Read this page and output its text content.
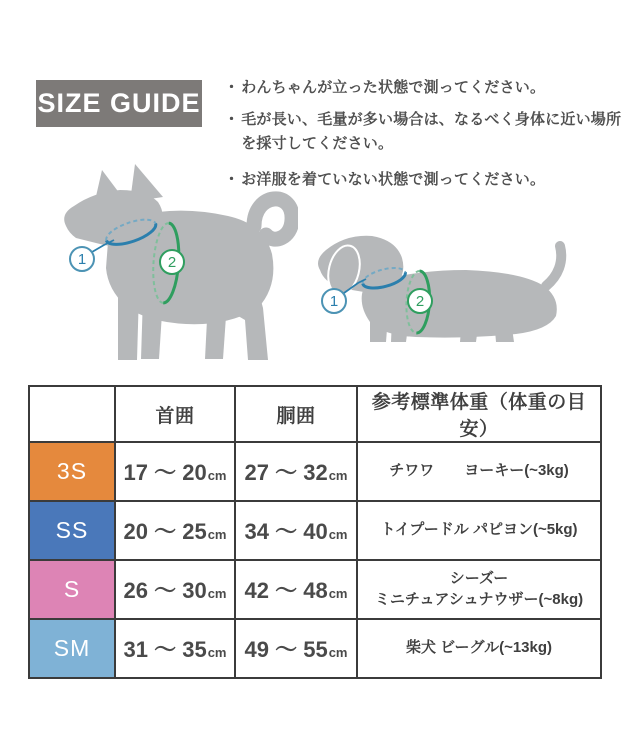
SIZE GUIDE
・ わんちゃんが立った状態で測ってください。
・ 毛が長い、毛量が多い場合は、なるべく身体に近い場所を採寸してください。
・ お洋服を着ていない状態で測ってください。
1	2
1	2
	首囲	胴囲	参考標準体重（体重の目安）
3S	17 ～ 20cm	27 ～ 32cm	チワワ　　ヨーキー(~3kg)

SS	20 ～ 25cm	34 ～ 40cm	トイプードル パピヨン(~5kg)

S	26 ～ 30cm	42 ～ 48cm	シーズー
ミニチュアシュナウザー(~8kg)

SM	31 ～ 35cm	49 ～ 55cm	柴犬 ビーグル(~13kg)
